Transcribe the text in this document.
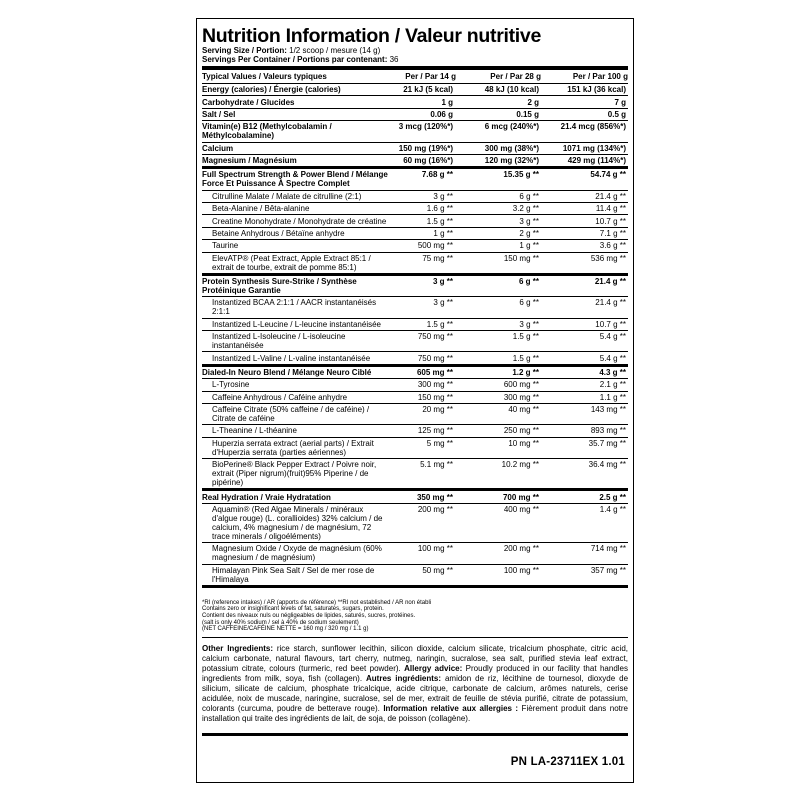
Nutrition Information / Valeur nutritive
Serving Size / Portion: 1/2 scoop / mesure (14 g)
Servings Per Container / Portions par contenant: 36
Typical Values / Valeurs typiques	Per / Par 14 g	Per / Par 28 g	Per / Par 100 g
Energy (calories) / Énergie (calories)	21 kJ (5 kcal)	48 kJ (10 kcal)	151 kJ (36 kcal)
Carbohydrate / Glucides	1 g	2 g	7 g
Salt / Sel	0.06 g	0.15 g	0.5 g
Vitamin(e) B12 (Methylcobalamin / Méthylcobalamine)	3 mcg (120%*)	6 mcg (240%*)	21.4 mcg (856%*)
Calcium	150 mg (19%*)	300 mg (38%*)	1071 mg (134%*)
Magnesium / Magnésium	60 mg (16%*)	120 mg (32%*)	429 mg (114%*)
Full Spectrum Strength & Power Blend / Mélange Force Et Puissance À Spectre Complet	7.68 g **	15.35 g **	54.74 g **
Citrulline Malate / Malate de citrulline (2:1)	3 g **	6 g **	21.4 g **
Beta-Alanine / Bêta-alanine	1.6 g **	3.2 g **	11.4 g **
Creatine Monohydrate / Monohydrate de créatine	1.5 g **	3 g **	10.7 g **
Betaine Anhydrous / Bétaïne anhydre	1 g **	2 g **	7.1 g **
Taurine	500 mg **	1 g **	3.6 g **
ElevATP® (Peat Extract, Apple Extract 85:1 / extrait de tourbe, extrait de pomme 85:1)	75 mg **	150 mg **	536 mg **
Protein Synthesis Sure-Strike / Synthèse Protéinique Garantie	3 g **	6 g **	21.4 g **
Instantized BCAA 2:1:1 / AACR instantanéisés 2:1:1	3 g **	6 g **	21.4 g **
Instantized L-Leucine / L-leucine instantanéisée	1.5 g **	3 g **	10.7 g **
Instantized L-Isoleucine / L-isoleucine instantanéisée	750 mg **	1.5 g **	5.4 g **
Instantized L-Valine / L-valine instantanéisée	750 mg **	1.5 g **	5.4 g **
Dialed-In Neuro Blend / Mélange Neuro Ciblé	605 mg **	1.2 g **	4.3 g **
L-Tyrosine	300 mg **	600 mg **	2.1 g **
Caffeine Anhydrous / Caféine anhydre	150 mg **	300 mg **	1.1 g **
Caffeine Citrate (50% caffeine / de caféine) / Citrate de caféine	20 mg **	40 mg **	143 mg **
L-Theanine / L-théanine	125 mg **	250 mg **	893 mg **
Huperzia serrata extract (aerial parts) / Extrait d'Huperzia serrata (parties aériennes)	5 mg **	10 mg **	35.7 mg **
BioPerine® Black Pepper Extract / Poivre noir, extrait (Piper nigrum)(fruit)95% Piperine / de pipérine)	5.1 mg **	10.2 mg **	36.4 mg **
Real Hydration / Vraie Hydratation	350 mg **	700 mg **	2.5 g **
Aquamin® (Red Algae Minerals / minéraux d'algue rouge) (L. corallioides) 32% calcium / de calcium, 4% magnesium / de magnésium, 72 trace minerals / oligoéléments)	200 mg **	400 mg **	1.4 g **
Magnesium Oxide / Oxyde de magnésium (60% magnesium / de magnésium)	100 mg **	200 mg **	714 mg **
Himalayan Pink Sea Salt / Sel de mer rose de l'Himalaya	50 mg **	100 mg **	357 mg **
*RI (reference intakes) / AR (apports de référence) **RI not established / AR non établi
Contains zero or insignificant levels of fat, saturates, sugars, protein.
Contient des niveaux nuls ou négligeables de lipides, saturés, sucres, protéines.
(salt is only 40% sodium / sel à 40% de sodium seulement)
(NET CAFFEINE/CAFÉINE NETTE = 160 mg / 320 mg / 1.1 g)
Other Ingredients: rice starch, sunflower lecithin, silicon dioxide, calcium silicate, tricalcium phosphate, citric acid, calcium carbonate, natural flavours, tart cherry, nutmeg, naringin, sucralose, sea salt, purified stevia leaf extract, potassium citrate, colours (turmeric, red beet powder). Allergy advice: Proudly produced in our facility that handles ingredients from milk, soya, fish (collagen). Autres ingrédients: amidon de riz, lécithine de tournesol, dioxyde de silicium, silicate de calcium, phosphate tricalcique, acide citrique, carbonate de calcium, arômes naturels, cerise acidulée, noix de muscade, naringine, sucralose, sel de mer, extrait de feuille de stévia purifié, citrate de potassium, colorants (curcuma, poudre de betterave rouge). Information relative aux allergies : Fièrement produit dans notre installation qui traite des ingrédients de lait, de soja, de poisson (collagène).
PN LA-23711EX 1.01
